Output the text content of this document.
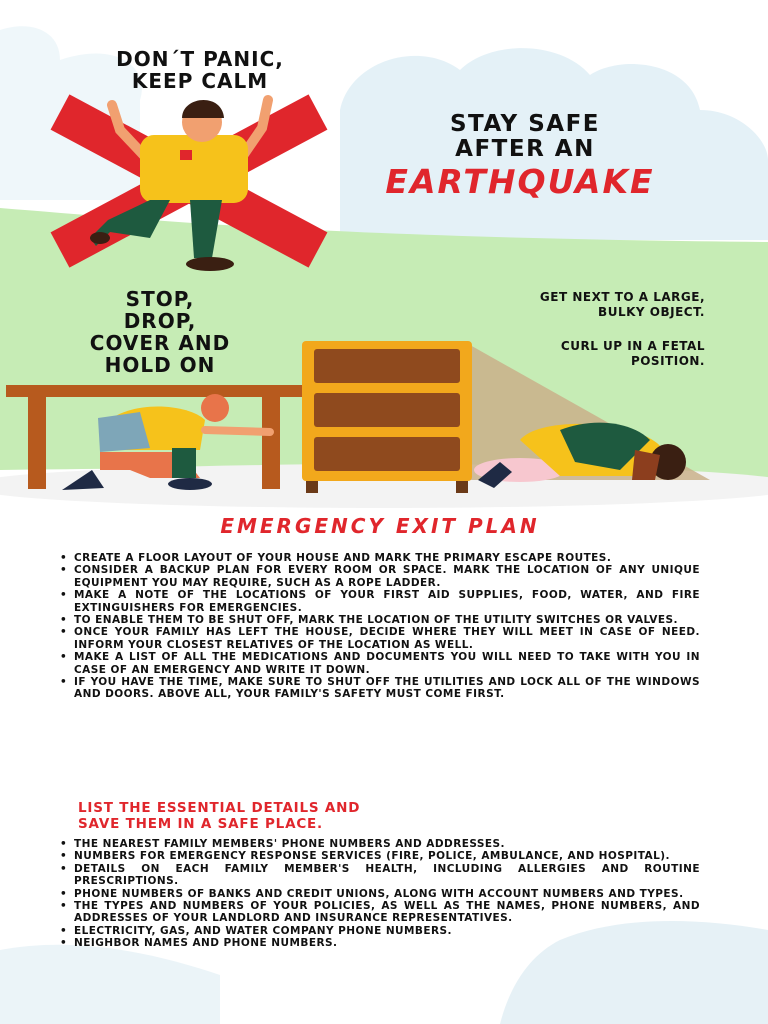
DON´T PANIC,
KEEP CALM
STAY SAFE
AFTER AN
EARTHQUAKE
STOP,
DROP,
COVER AND
HOLD ON
GET NEXT TO A LARGE, BULKY OBJECT.
CURL UP IN A FETAL POSITION.
EMERGENCY EXIT PLAN
• CREATE A FLOOR LAYOUT OF YOUR HOUSE AND MARK THE PRIMARY ESCAPE ROUTES.
• CONSIDER A BACKUP PLAN FOR EVERY ROOM OR SPACE. MARK THE LOCATION OF ANY UNIQUE EQUIPMENT YOU MAY REQUIRE, SUCH AS A ROPE LADDER.
• MAKE A NOTE OF THE LOCATIONS OF YOUR FIRST AID SUPPLIES, FOOD, WATER, AND FIRE EXTINGUISHERS FOR EMERGENCIES.
• TO ENABLE THEM TO BE SHUT OFF, MARK THE LOCATION OF THE UTILITY SWITCHES OR VALVES.
• ONCE YOUR FAMILY HAS LEFT THE HOUSE, DECIDE WHERE THEY WILL MEET IN CASE OF NEED. INFORM YOUR CLOSEST RELATIVES OF THE LOCATION AS WELL.
• MAKE A LIST OF ALL THE MEDICATIONS AND DOCUMENTS YOU WILL NEED TO TAKE WITH YOU IN CASE OF AN EMERGENCY AND WRITE IT DOWN.
• IF YOU HAVE THE TIME, MAKE SURE TO SHUT OFF THE UTILITIES AND LOCK ALL OF THE WINDOWS AND DOORS. ABOVE ALL, YOUR FAMILY'S SAFETY MUST COME FIRST.
LIST THE ESSENTIAL DETAILS AND
SAVE THEM IN A SAFE PLACE.
• THE NEAREST FAMILY MEMBERS' PHONE NUMBERS AND ADDRESSES.
• NUMBERS FOR EMERGENCY RESPONSE SERVICES (FIRE, POLICE, AMBULANCE, AND HOSPITAL).
• DETAILS ON EACH FAMILY MEMBER'S HEALTH, INCLUDING ALLERGIES AND ROUTINE PRESCRIPTIONS.
• PHONE NUMBERS OF BANKS AND CREDIT UNIONS, ALONG WITH ACCOUNT NUMBERS AND TYPES.
• THE TYPES AND NUMBERS OF YOUR POLICIES, AS WELL AS THE NAMES, PHONE NUMBERS, AND ADDRESSES OF YOUR LANDLORD AND INSURANCE REPRESENTATIVES.
• ELECTRICITY, GAS, AND WATER COMPANY PHONE NUMBERS.
• NEIGHBOR NAMES AND PHONE NUMBERS.
